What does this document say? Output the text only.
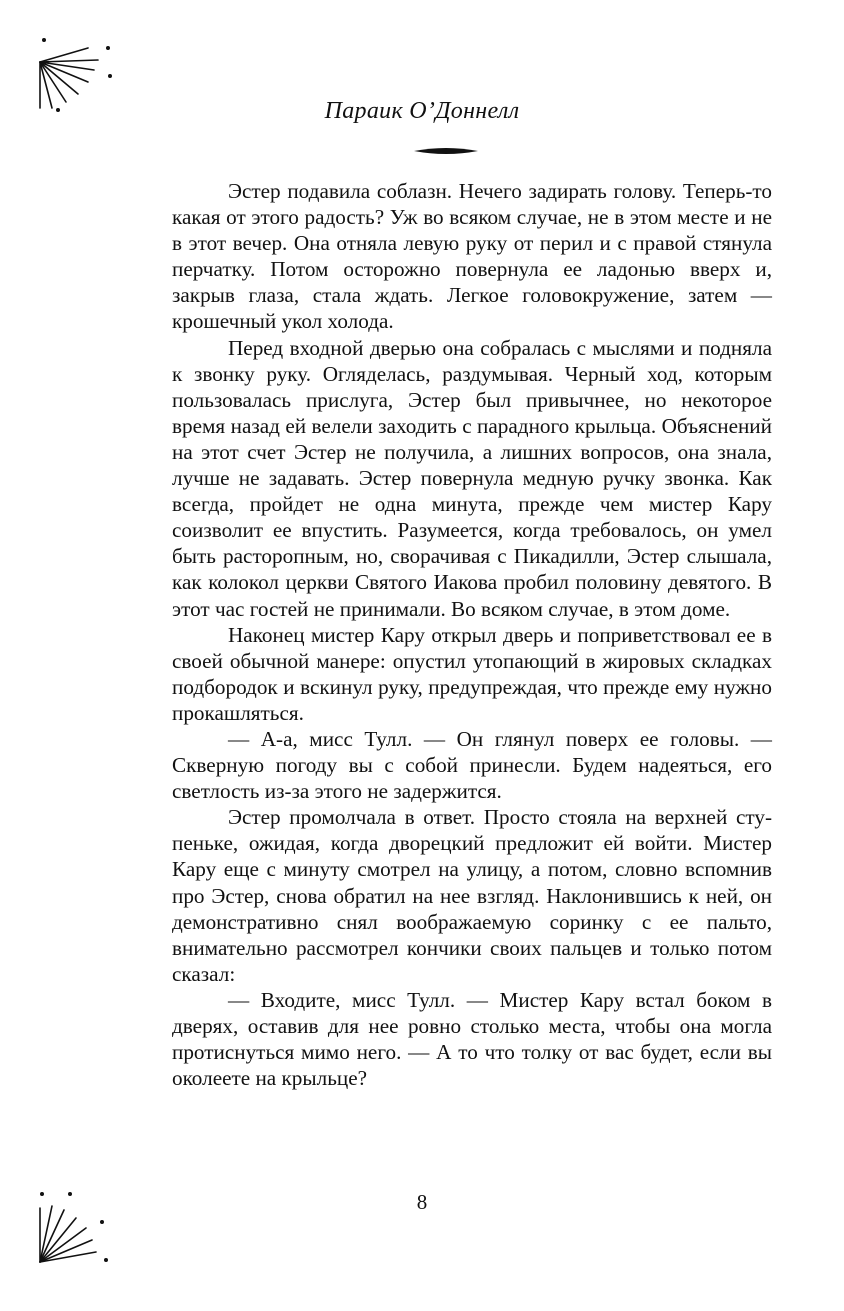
Параик О’Доннелл

Эстер подавила соблазн. Нечего задирать голову. Теперь-то какая от этого радость? Уж во всяком случае, не в этом месте и не в этот вечер. Она отняла левую руку от перил и с правой стянула перчатку. Потом осторожно повернула ее ладонью вверх и, закрыв глаза, стала ждать. Легкое головокружение, затем — крошечный укол холода.

Перед входной дверью она собралась с мыслями и подняла к звонку руку. Огляделась, раздумывая. Черный ход, которым пользовалась прислуга, Эстер был привычнее, но некоторое время назад ей велели заходить с парадного крыльца. Объяснений на этот счет Эстер не получила, а лишних вопросов, она знала, лучше не задавать. Эстер повернула медную ручку звонка. Как всегда, пройдет не одна минута, прежде чем мистер Кару соизволит ее впустить. Разумеется, когда требовалось, он умел быть расторопным, но, сворачивая с Пикадилли, Эстер слышала, как колокол церкви Святого Иакова пробил половину девятого. В этот час гостей не принимали. Во всяком случае, в этом доме.

Наконец мистер Кару открыл дверь и поприветствовал ее в своей обычной манере: опустил утопающий в жировых складках подбородок и вскинул руку, предупреждая, что прежде ему нужно прокашляться.

— А-а, мисс Тулл. — Он глянул поверх ее головы. — Скверную погоду вы с собой принесли. Будем надеяться, его светлость из-за этого не задержится.

Эстер промолчала в ответ. Просто стояла на верхней ступеньке, ожидая, когда дворецкий предложит ей войти. Мистер Кару еще с минуту смотрел на улицу, а потом, словно вспомнив про Эстер, снова обратил на нее взгляд. Наклонившись к ней, он демонстративно снял воображаемую соринку с ее пальто, внимательно рассмотрел кончики своих пальцев и только потом сказал:

— Входите, мисс Тулл. — Мистер Кару встал боком в дверях, оставив для нее ровно столько места, чтобы она могла протиснуться мимо него. — А то что толку от вас будет, если вы околеете на крыльце?

8
